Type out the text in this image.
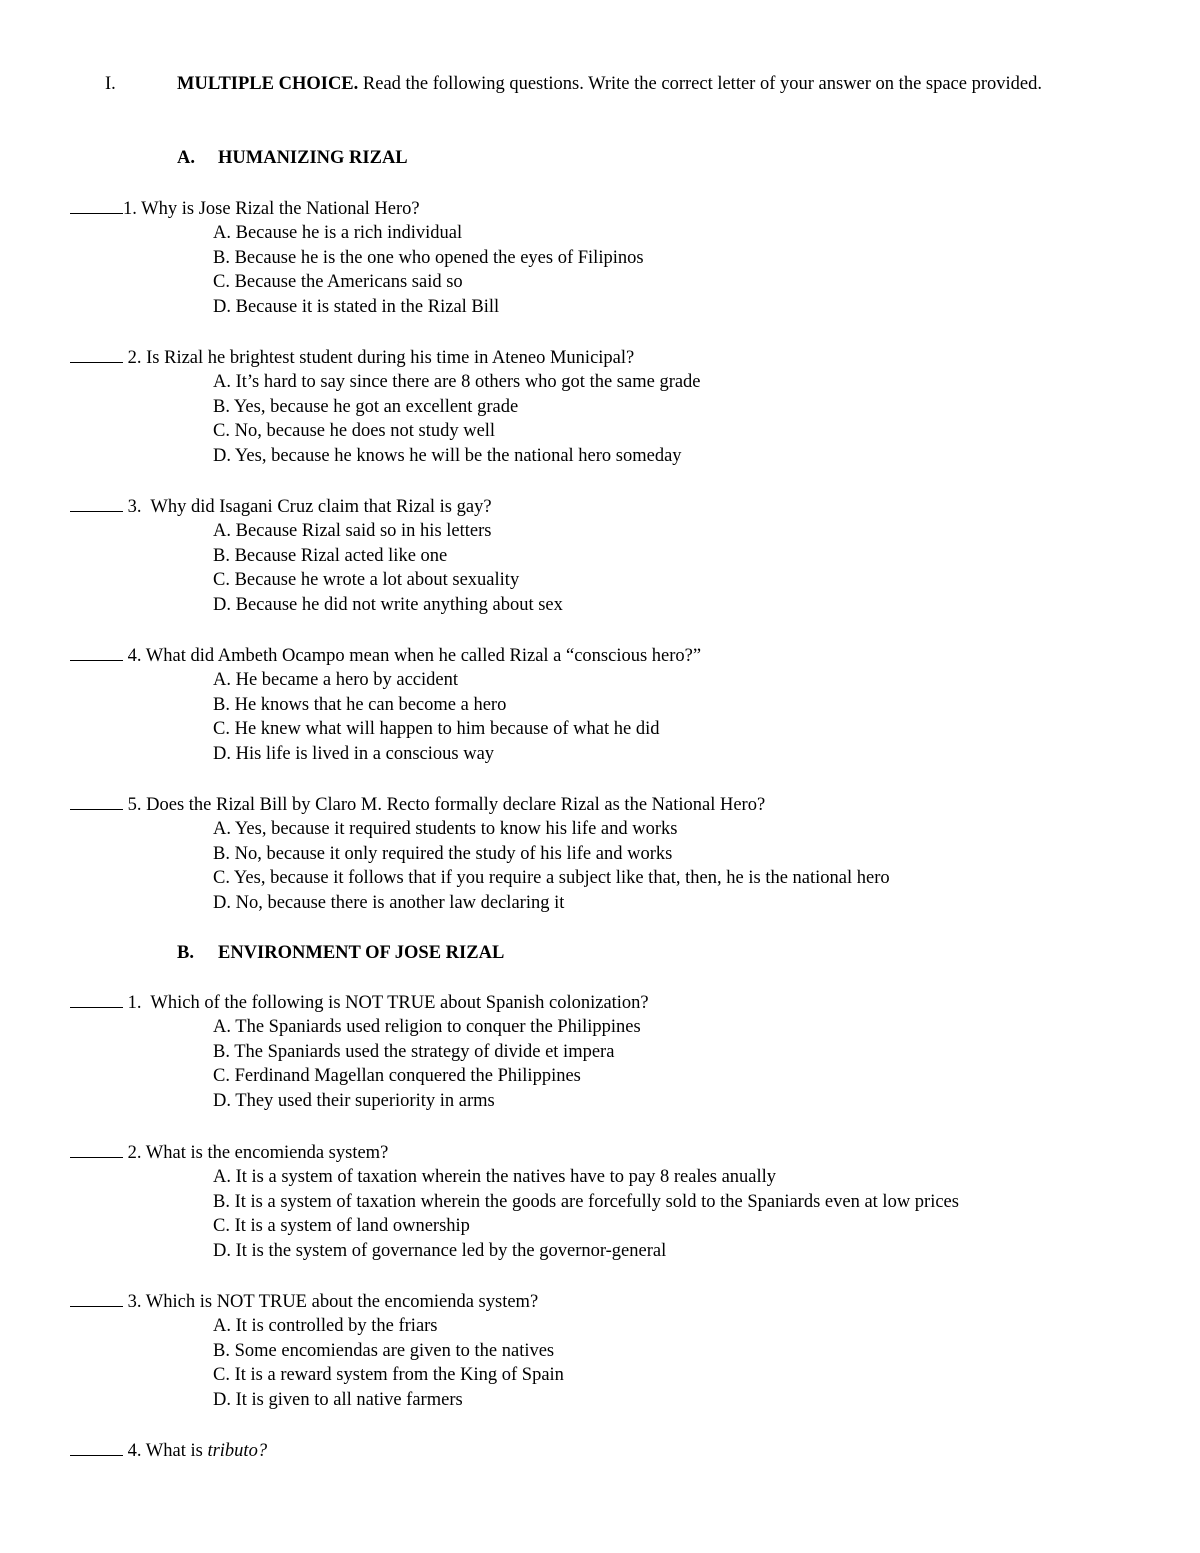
I.	MULTIPLE CHOICE. Read the following questions. Write the correct letter of your answer on the space provided.
A. HUMANIZING RIZAL
1. Why is Jose Rizal the National Hero?
A. Because he is a rich individual
B. Because he is the one who opened the eyes of Filipinos
C. Because the Americans said so
D. Because it is stated in the Rizal Bill
2. Is Rizal he brightest student during his time in Ateneo Municipal?
A. It’s hard to say since there are 8 others who got the same grade
B. Yes, because he got an excellent grade
C. No, because he does not study well
D. Yes, because he knows he will be the national hero someday
3. Why did Isagani Cruz claim that Rizal is gay?
A. Because Rizal said so in his letters
B. Because Rizal acted like one
C. Because he wrote a lot about sexuality
D. Because he did not write anything about sex
4. What did Ambeth Ocampo mean when he called Rizal a “conscious hero?”
A. He became a hero by accident
B. He knows that he can become a hero
C. He knew what will happen to him because of what he did
D. His life is lived in a conscious way
5. Does the Rizal Bill by Claro M. Recto formally declare Rizal as the National Hero?
A. Yes, because it required students to know his life and works
B. No, because it only required the study of his life and works
C. Yes, because it follows that if you require a subject like that, then, he is the national hero
D. No, because there is another law declaring it
B. ENVIRONMENT OF JOSE RIZAL
1. Which of the following is NOT TRUE about Spanish colonization?
A. The Spaniards used religion to conquer the Philippines
B. The Spaniards used the strategy of divide et impera
C. Ferdinand Magellan conquered the Philippines
D. They used their superiority in arms
2. What is the encomienda system?
A. It is a system of taxation wherein the natives have to pay 8 reales anually
B. It is a system of taxation wherein the goods are forcefully sold to the Spaniards even at low prices
C. It is a system of land ownership
D. It is the system of governance led by the governor-general
3. Which is NOT TRUE about the encomienda system?
A. It is controlled by the friars
B. Some encomiendas are given to the natives
C. It is a reward system from the King of Spain
D. It is given to all native farmers
4. What is tributo?
